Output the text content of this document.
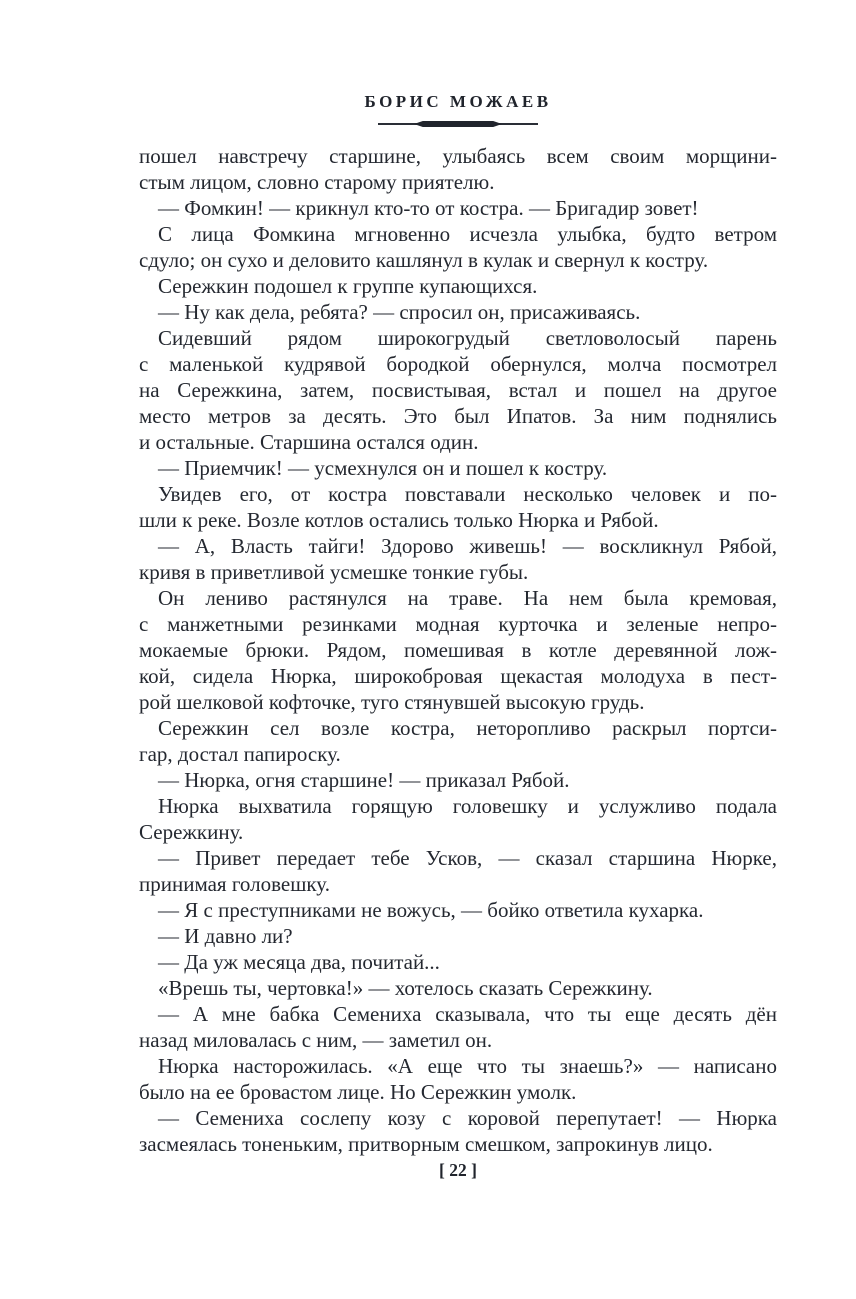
БОРИС МОЖАЕВ
пошел навстречу старшине, улыбаясь всем своим морщини-
стым лицом, словно старому приятелю.
— Фомкин! — крикнул кто-то от костра. — Бригадир зовет!
С лица Фомкина мгновенно исчезла улыбка, будто ветром
сдуло; он сухо и деловито кашлянул в кулак и свернул к костру.
Сережкин подошел к группе купающихся.
— Ну как дела, ребята? — спросил он, присаживаясь.
Сидевший рядом широкогрудый светловолосый парень
с маленькой кудрявой бородкой обернулся, молча посмотрел
на Сережкина, затем, посвистывая, встал и пошел на другое
место метров за десять. Это был Ипатов. За ним поднялись
и остальные. Старшина остался один.
— Приемчик! — усмехнулся он и пошел к костру.
Увидев его, от костра повставали несколько человек и по-
шли к реке. Возле котлов остались только Нюрка и Рябой.
— А, Власть тайги! Здорово живешь! — воскликнул Рябой,
кривя в приветливой усмешке тонкие губы.
Он лениво растянулся на траве. На нем была кремовая,
с манжетными резинками модная курточка и зеленые непро-
мокаемые брюки. Рядом, помешивая в котле деревянной лож-
кой, сидела Нюрка, широкобровая щекастая молодуха в пест-
рой шелковой кофточке, туго стянувшей высокую грудь.
Сережкин сел возле костра, неторопливо раскрыл портси-
гар, достал папироску.
— Нюрка, огня старшине! — приказал Рябой.
Нюрка выхватила горящую головешку и услужливо подала
Сережкину.
— Привет передает тебе Усков, — сказал старшина Нюрке,
принимая головешку.
— Я с преступниками не вожусь, — бойко ответила кухарка.
— И давно ли?
— Да уж месяца два, почитай...
«Врешь ты, чертовка!» — хотелось сказать Сережкину.
— А мне бабка Семениха сказывала, что ты еще десять дён
назад миловалась с ним, — заметил он.
Нюрка насторожилась. «А еще что ты знаешь?» — написано
было на ее бровастом лице. Но Сережкин умолк.
— Семениха сослепу козу с коровой перепутает! — Нюрка
засмеялась тоненьким, притворным смешком, запрокинув лицо.
[ 22 ]
